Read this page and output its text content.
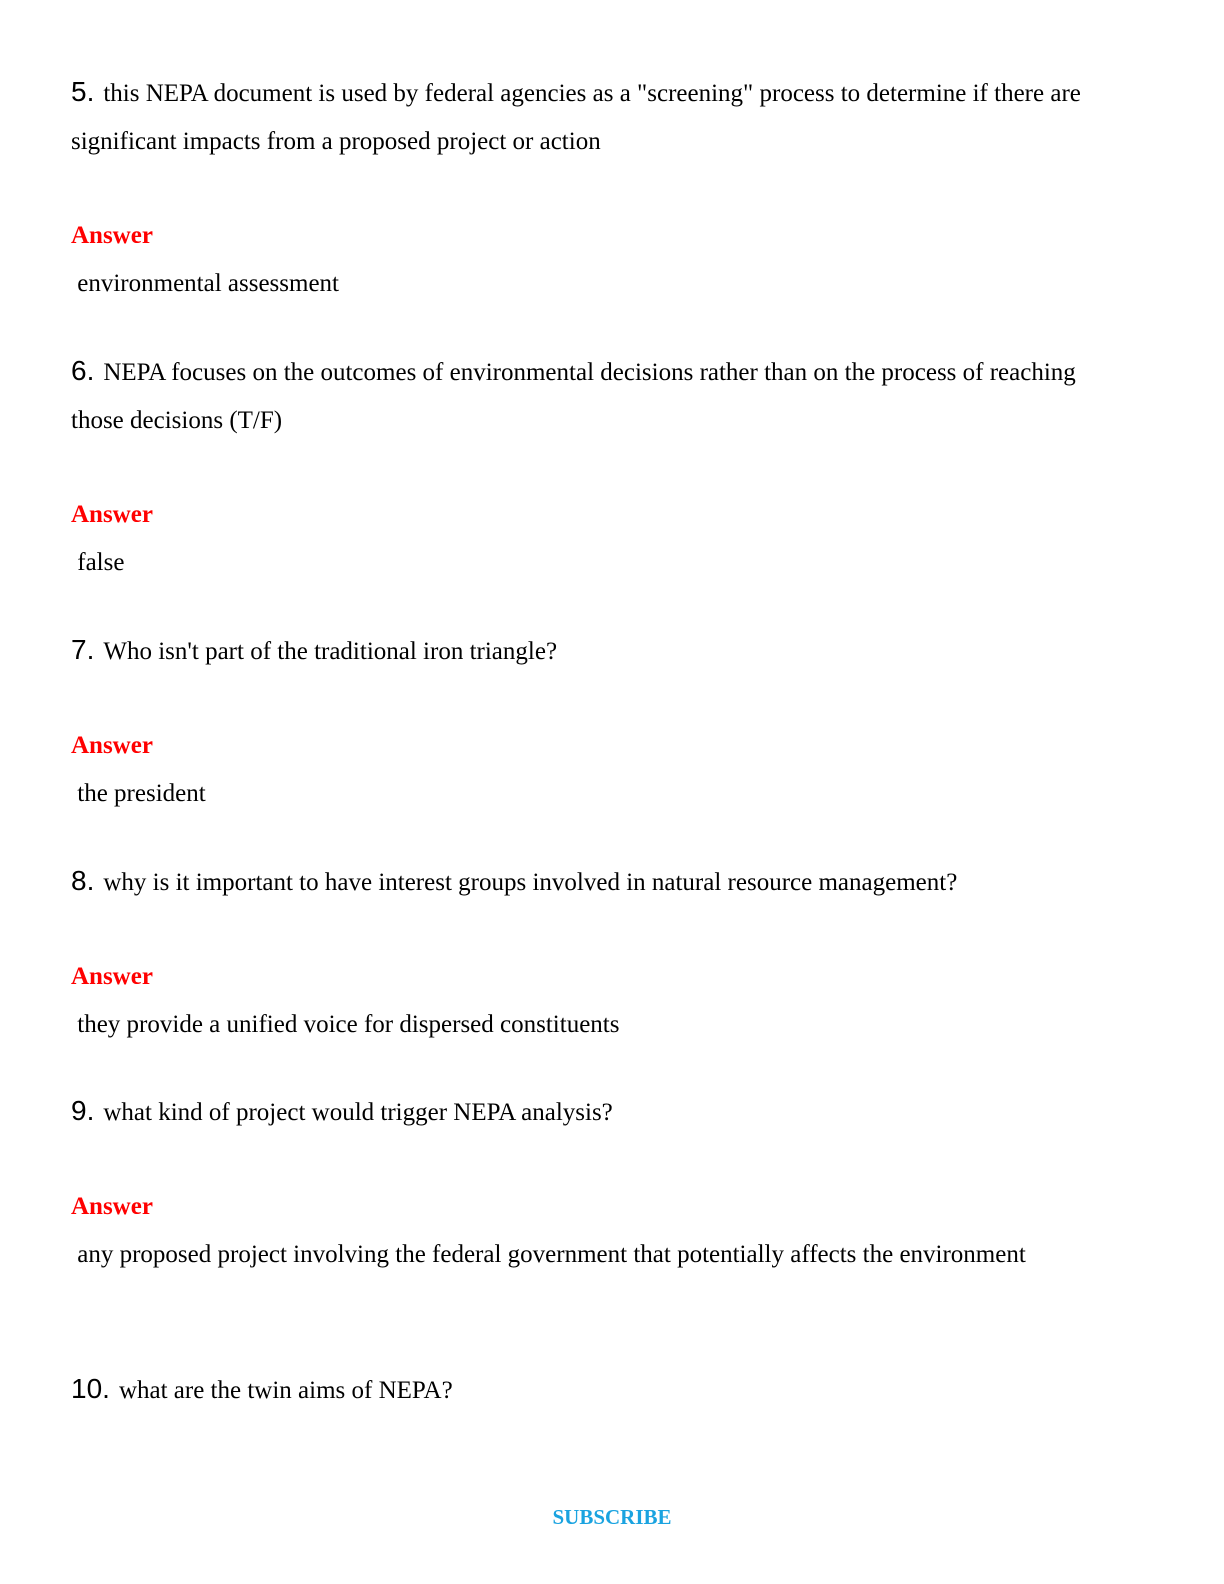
5. this NEPA document is used by federal agencies as a "screening" process to determine if there are significant impacts from a proposed project or action

Answer

environmental assessment

6. NEPA focuses on the outcomes of environmental decisions rather than on the process of reaching those decisions (T/F)

Answer

false

7. Who isn't part of the traditional iron triangle?

Answer

the president

8. why is it important to have interest groups involved in natural resource management?

Answer

they provide a unified voice for dispersed constituents

9. what kind of project would trigger NEPA analysis?

Answer

any proposed project involving the federal government that potentially affects the environment

10. what are the twin aims of NEPA?

SUBSCRIBE
